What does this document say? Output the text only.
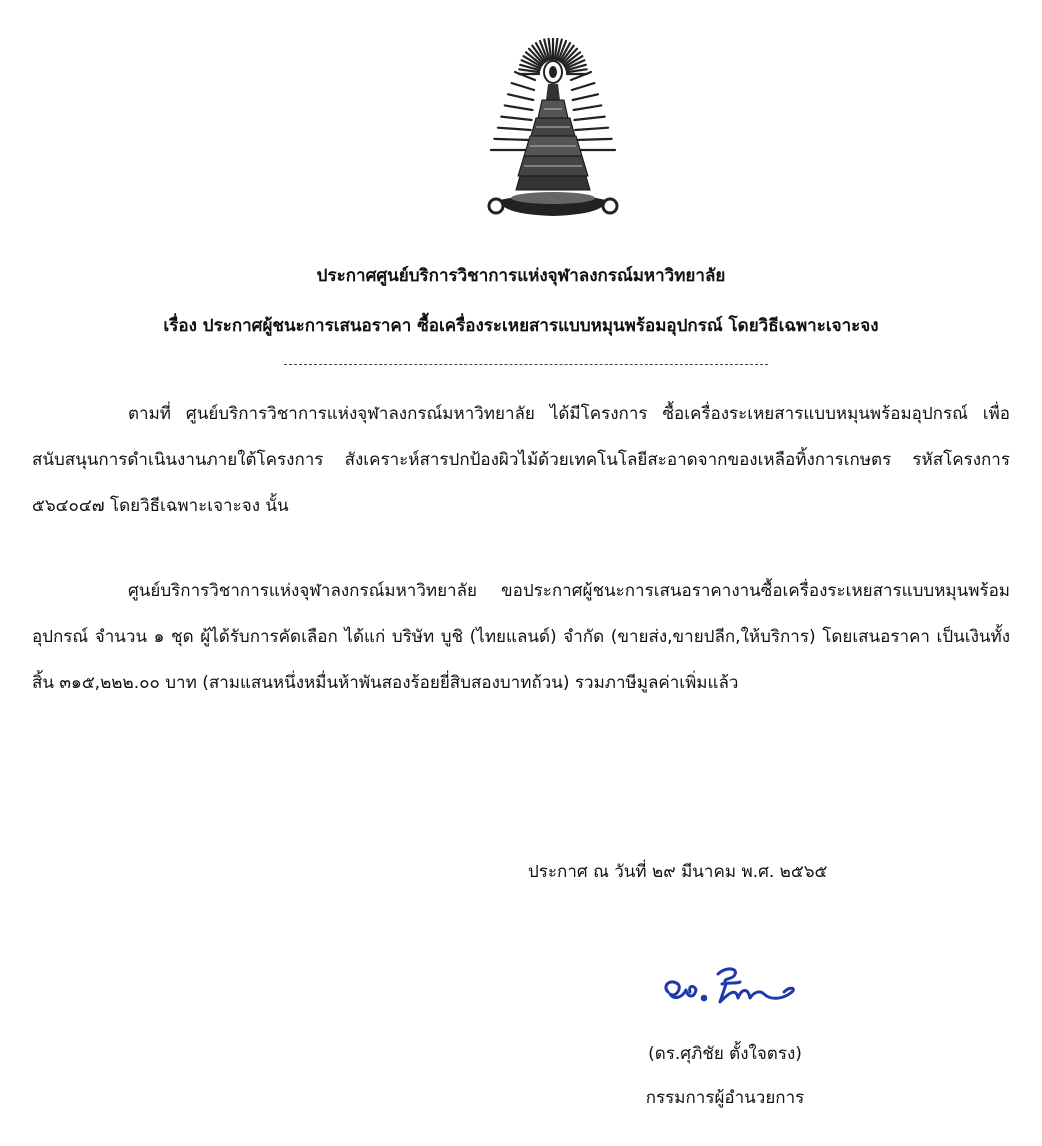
ประกาศศูนย์บริการวิชาการแห่งจุฬาลงกรณ์มหาวิทยาลัย
เรื่อง ประกาศผู้ชนะการเสนอราคา ซื้อเครื่องระเหยสารแบบหมุนพร้อมอุปกรณ์ โดยวิธีเฉพาะเจาะจง
ตามที่ ศูนย์บริการวิชาการแห่งจุฬาลงกรณ์มหาวิทยาลัย ได้มีโครงการ ซื้อเครื่องระเหยสารแบบหมุนพร้อมอุปกรณ์ เพื่อสนับสนุนการดำเนินงานภายใต้โครงการ สังเคราะห์สารปกป้องผิวไม้ด้วยเทคโนโลยีสะอาดจากของเหลือทิ้งการเกษตร รหัสโครงการ ๕๖๔๐๔๗ โดยวิธีเฉพาะเจาะจง นั้น
ศูนย์บริการวิชาการแห่งจุฬาลงกรณ์มหาวิทยาลัย ขอประกาศผู้ชนะการเสนอราคางานซื้อเครื่องระเหยสารแบบหมุนพร้อมอุปกรณ์ จำนวน ๑ ชุด ผู้ได้รับการคัดเลือก ได้แก่ บริษัท บูชิ (ไทยแลนด์) จำกัด (ขายส่ง,ขายปลีก,ให้บริการ) โดยเสนอราคา เป็นเงินทั้งสิ้น ๓๑๕,๒๒๒.๐๐ บาท (สามแสนหนึ่งหมื่นห้าพันสองร้อยยี่สิบสองบาทถ้วน) รวมภาษีมูลค่าเพิ่มแล้ว
ประกาศ ณ วันที่ ๒๙ มีนาคม พ.ศ. ๒๕๖๕
(ดร.ศุภิชัย ตั้งใจตรง)
กรรมการผู้อำนวยการ
